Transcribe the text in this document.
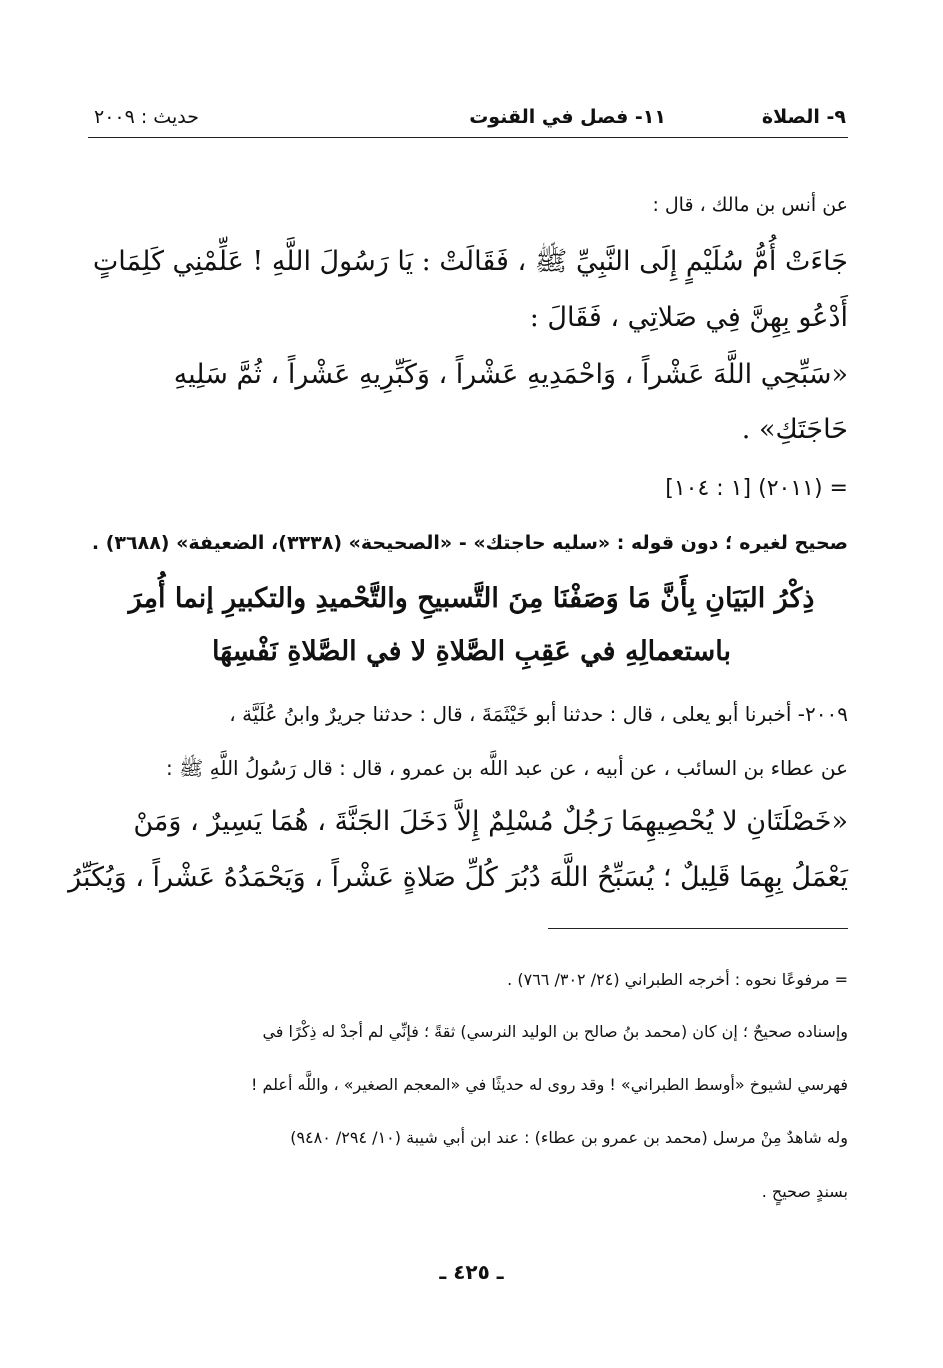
٩- الصلاة
١١- فصل في القنوت
حديث : ٢٠٠٩
عن أنس بن مالك ، قال :
جَاءَتْ أُمُّ سُلَيْمٍ إِلَى النَّبِيِّ ﷺ ، فَقَالَتْ : يَا رَسُولَ اللَّهِ ! عَلِّمْنِي كَلِمَاتٍ
أَدْعُو بِهِنَّ فِي صَلاتِي ، فَقَالَ :
«سَبِّحِي اللَّهَ عَشْراً ، وَاحْمَدِيهِ عَشْراً ، وَكَبِّرِيهِ عَشْراً ، ثُمَّ سَلِيهِ
حَاجَتَكِ» .
= (٢٠١١) [١ : ١٠٤]
صحيح لغيره ؛ دون قوله : «سليه حاجتك» - «الصحيحة» (٣٣٣٨)، الضعيفة» (٣٦٨٨) .
ذِكْرُ البَيَانِ بِأَنَّ مَا وَصَفْنَا مِنَ التَّسبيحِ والتَّحْميدِ والتكبيرِ إنما أُمِرَ
باستعمالِهِ في عَقِبِ الصَّلاةِ لا في الصَّلاةِ نَفْسِهَا
٢٠٠٩- أخبرنا أبو يعلى ، قال : حدثنا أبو خَيْثَمَةَ ، قال : حدثنا جريرٌ وابنُ عُلَيَّة ،
عن عطاء بن السائب ، عن أبيه ، عن عبد اللَّه بن عمرو ، قال : قال رَسُولُ اللَّهِ ﷺ :
«خَصْلَتَانِ لا يُحْصِيهِمَا رَجُلٌ مُسْلِمٌ إِلاَّ دَخَلَ الجَنَّةَ ، هُمَا يَسِيرٌ ، وَمَنْ
يَعْمَلُ بِهِمَا قَلِيلٌ ؛ يُسَبِّحُ اللَّهَ دُبُرَ كُلِّ صَلاةٍ عَشْراً ، وَيَحْمَدُهُ عَشْراً ، وَيُكَبِّرُ
= مرفوعًا نحوه : أخرجه الطبراني (٢٤/ ٣٠٢/ ٧٦٦) .
وإسناده صحيحٌ ؛ إن كان (محمد بنُ صالح بن الوليد النرسي) ثقةً ؛ فإنِّي لم أجدْ له ذِكْرًا في
فهرسي لشيوخ «أوسط الطبراني» ! وقد روى له حديثًا في «المعجم الصغير» ، واللَّه أعلم !
وله شاهدٌ مِنْ مرسل (محمد بن عمرو بن عطاء) : عند ابن أبي شيبة (١٠/ ٢٩٤/ ٩٤٨٠)
بسندٍ صحيحٍ .
ـ ٤٢٥ ـ
